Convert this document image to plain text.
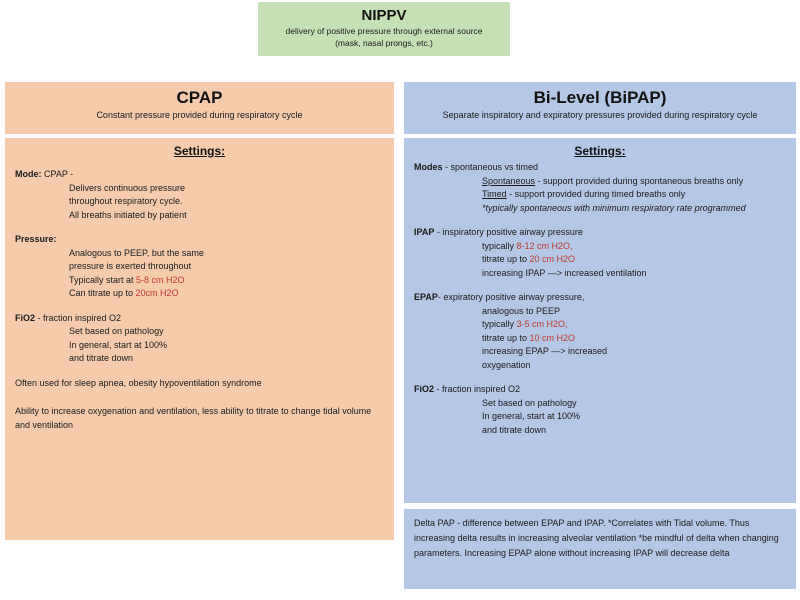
NIPPV
delivery of positive pressure through external source
(mask, nasal prongs, etc.)
CPAP
Constant pressure provided during respiratory cycle
Bi-Level (BiPAP)
Separate inspiratory and expiratory pressures provided during respiratory cycle
Settings:
Mode: CPAP -
Delivers continuous pressure
throughout respiratory cycle.
All breaths initiated by patient
Pressure:
Analogous to PEEP, but the same
pressure is exerted throughout
Typically start at 5-8 cm H2O
Can titrate up to 20cm H2O
FiO2 - fraction inspired O2
Set based on pathology
In general, start at 100%
and titrate down
Often used for sleep apnea, obesity hypoventilation syndrome
Ability to increase oxygenation and ventilation, less ability to titrate to change tidal volume and ventilation
Settings:
Modes - spontaneous vs timed
Spontaneous - support provided during spontaneous breaths only
Timed - support provided during timed breaths only
*typically spontaneous with minimum respiratory rate programmed
IPAP - inspiratory positive airway pressure
typically 8-12 cm H2O,
titrate up to 20 cm H2O
increasing IPAP —> increased ventilation
EPAP- expiratory positive airway pressure,
analogous to PEEP
typically 3-5 cm H2O,
titrate up to 10 cm H2O
increasing EPAP —> increased
oxygenation
FiO2 - fraction inspired O2
Set based on pathology
In general, start at 100%
and titrate down
Delta PAP - difference between EPAP and IPAP. *Correlates with Tidal volume. Thus increasing delta results in increasing alveolar ventilation *be mindful of delta when changing parameters. Increasing EPAP alone without increasing IPAP will decrease delta
